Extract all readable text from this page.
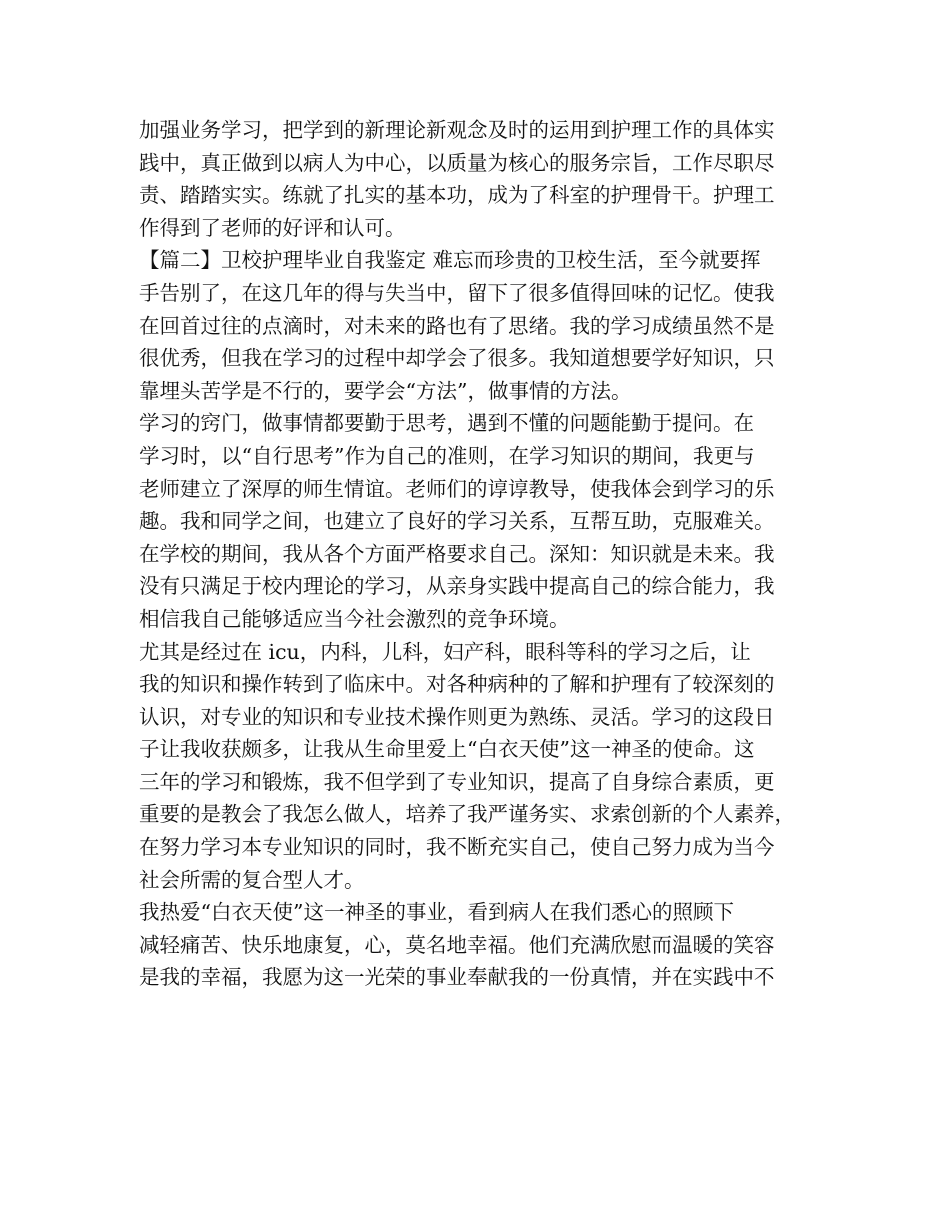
加强业务学习，把学到的新理论新观念及时的运用到护理工作的具体实
践中，真正做到以病人为中心，以质量为核心的服务宗旨，工作尽职尽
责、踏踏实实。练就了扎实的基本功，成为了科室的护理骨干。护理工
作得到了老师的好评和认可。
【篇二】卫校护理毕业自我鉴定 难忘而珍贵的卫校生活，至今就要挥
手告别了，在这几年的得与失当中，留下了很多值得回味的记忆。使我
在回首过往的点滴时，对未来的路也有了思绪。我的学习成绩虽然不是
很优秀，但我在学习的过程中却学会了很多。我知道想要学好知识，只
靠埋头苦学是不行的，要学会“方法”，做事情的方法。
学习的窍门，做事情都要勤于思考，遇到不懂的问题能勤于提问。在
学习时，以“自行思考”作为自己的准则，在学习知识的期间，我更与
老师建立了深厚的师生情谊。老师们的谆谆教导，使我体会到学习的乐
趣。我和同学之间，也建立了良好的学习关系，互帮互助，克服难关。
在学校的期间，我从各个方面严格要求自己。深知：知识就是未来。我
没有只满足于校内理论的学习，从亲身实践中提高自己的综合能力，我
相信我自己能够适应当今社会激烈的竞争环境。
尤其是经过在 icu，内科，儿科，妇产科，眼科等科的学习之后，让
我的知识和操作转到了临床中。对各种病种的了解和护理有了较深刻的
认识，对专业的知识和专业技术操作则更为熟练、灵活。学习的这段日
子让我收获颇多，让我从生命里爱上“白衣天使”这一神圣的使命。这
三年的学习和锻炼，我不但学到了专业知识，提高了自身综合素质，更
重要的是教会了我怎么做人，培养了我严谨务实、求索创新的个人素养，
在努力学习本专业知识的同时，我不断充实自己，使自己努力成为当今
社会所需的复合型人才。
我热爱“白衣天使”这一神圣的事业，看到病人在我们悉心的照顾下
减轻痛苦、快乐地康复，心，莫名地幸福。他们充满欣慰而温暖的笑容
是我的幸福，我愿为这一光荣的事业奉献我的一份真情，并在实践中不
